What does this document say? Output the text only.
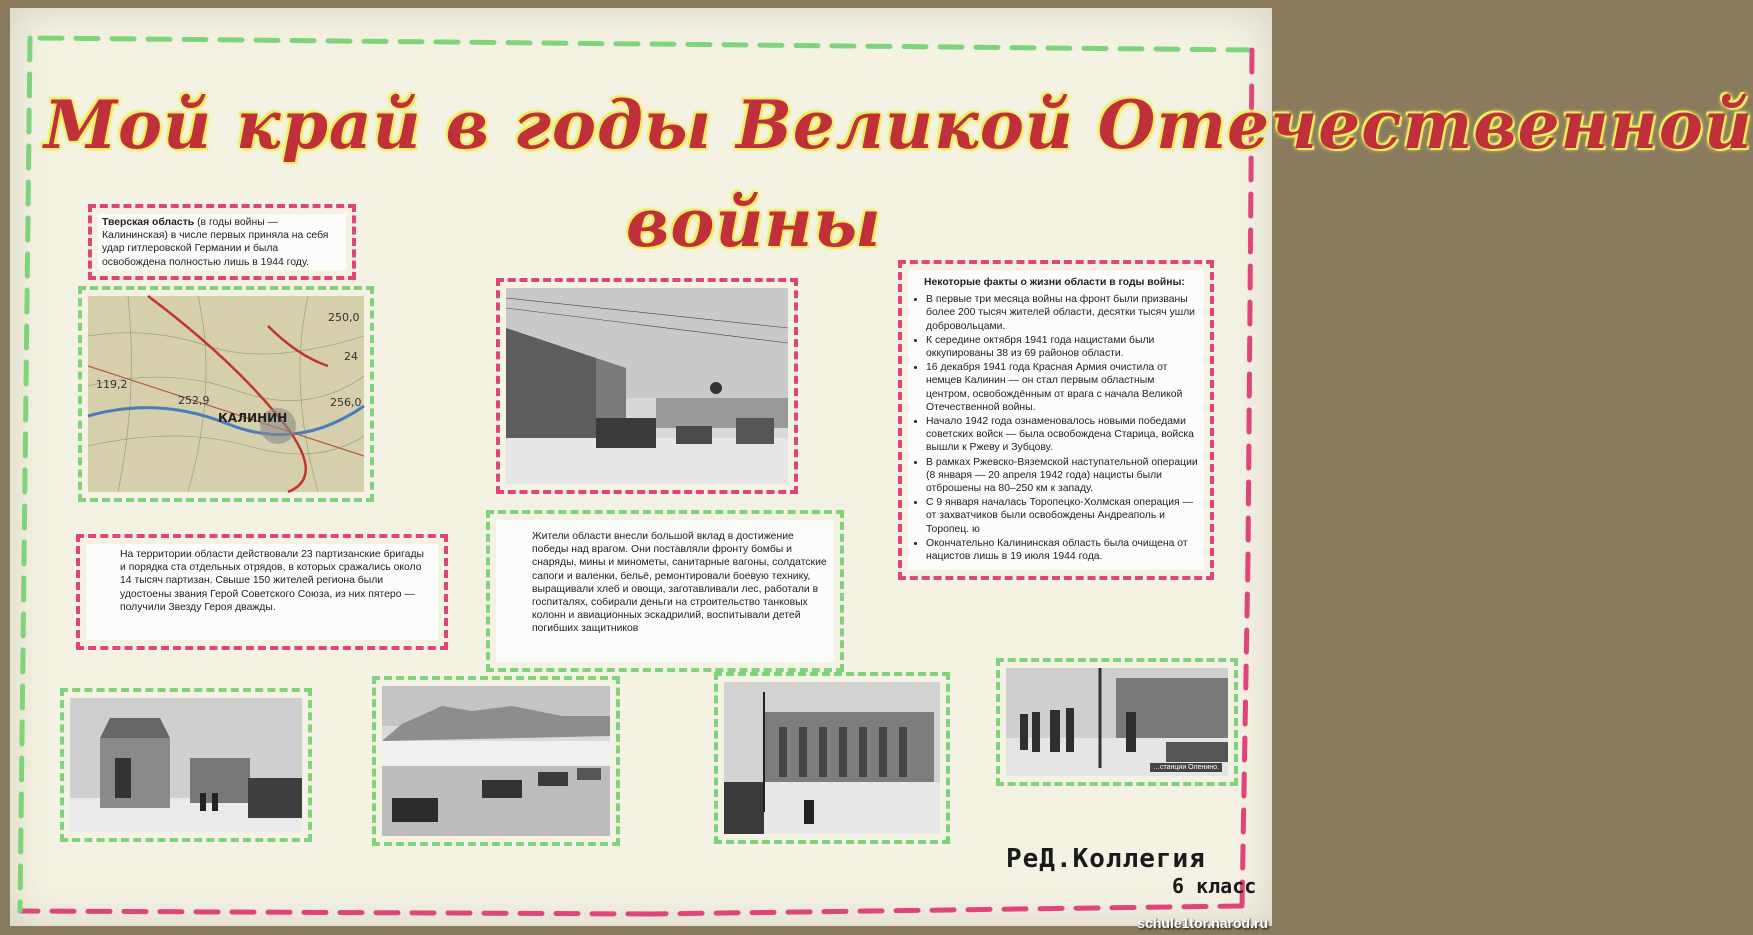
Мой край в годы Великой Отечественной
войны
Тверская область (в годы войны — Калининская) в числе первых приняла на себя удар гитлеровской Германии и была освобождена полностью лишь в 1944 году.
119,2
252,9
250,0
256,0
24
КАЛИНИН
Некоторые факты о жизни области в годы войны:
• В первые три месяца войны на фронт были призваны более 200 тысяч жителей области, десятки тысяч ушли добровольцами.
• К середине октября 1941 года нацистами были оккупированы 38 из 69 районов области.
• 16 декабря 1941 года Красная Армия очистила от немцев Калинин — он стал первым областным центром, освобождённым от врага с начала Великой Отечественной войны.
• Начало 1942 года ознаменовалось новыми победами советских войск — была освобождена Старица, войска вышли к Ржеву и Зубцову.
• В рамках Ржевско-Вяземской наступательной операции (8 января — 20 апреля 1942 года) нацисты были отброшены на 80–250 км к западу.
• С 9 января началась Торопецко-Холмская операция — от захватчиков были освобождены Андреаполь и Торопец. ю
• Окончательно Калининская область была очищена от нацистов лишь в 19 июля 1944 года.
На территории области действовали 23 партизанские бригады и порядка ста отдельных отрядов, в которых сражались около 14 тысяч партизан. Свыше 150 жителей региона были удостоены звания Герой Советского Союза, из них пятеро — получили Звезду Героя дважды.
Жители области внесли большой вклад в достижение победы над врагом. Они поставляли фронту бомбы и снаряды, мины и минометы, санитарные вагоны, солдатские сапоги и валенки, бельё, ремонтировали боевую технику, выращивали хлеб и овощи, заготавливали лес, работали в госпиталях, собирали деньги на строительство танковых колонн и авиационных эскадрилий, воспитывали детей погибших защитников
…станции Оленино.
РеД.Коллегия
6 класс
schule1tor.narod.ru
